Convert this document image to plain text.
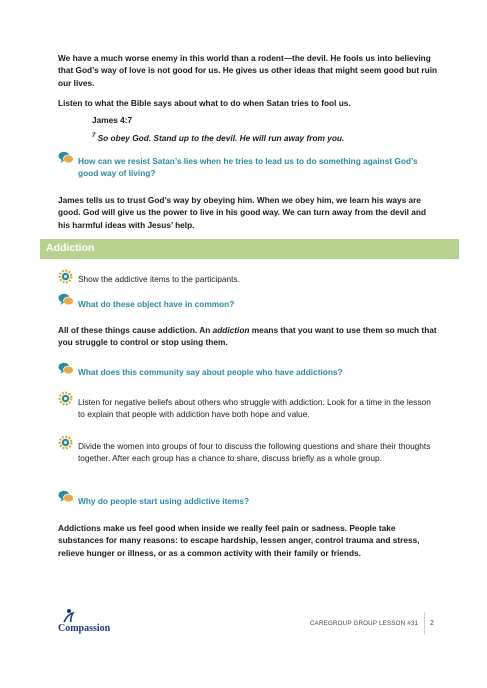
We have a much worse enemy in this world than a rodent—the devil. He fools us into believing that God’s way of love is not good for us. He gives us other ideas that might seem good but ruin our lives.

Listen to what the Bible says about what to do when Satan tries to fool us.

James 4:7

$^7$ So obey God. Stand up to the devil. He will run away from you.

How can we resist Satan’s lies when he tries to lead us to do something against God’s good way of living?

James tells us to trust God’s way by obeying him. When we obey him, we learn his ways are good. God will give us the power to live in his good way. We can turn away from the devil and his harmful ideas with Jesus’ help.

Addiction

Show the addictive items to the participants.

What do these object have in common?

All of these things cause addiction. An addiction means that you want to use them so much that you struggle to control or stop using them.

What does this community say about people who have addictions?

Listen for negative beliefs about others who struggle with addiction. Look for a time in the lesson to explain that people with addiction have both hope and value.

Divide the women into groups of four to discuss the following questions and share their thoughts together. After each group has a chance to share, discuss briefly as a whole group.

Why do people start using addictive items?

Addictions make us feel good when inside we really feel pain or sadness. People take substances for many reasons: to escape hardship, lessen anger, control trauma and stress, relieve hunger or illness, or as a common activity with their family or friends.

Compassion	CAREGROUP GROUP LESSON #31 2
